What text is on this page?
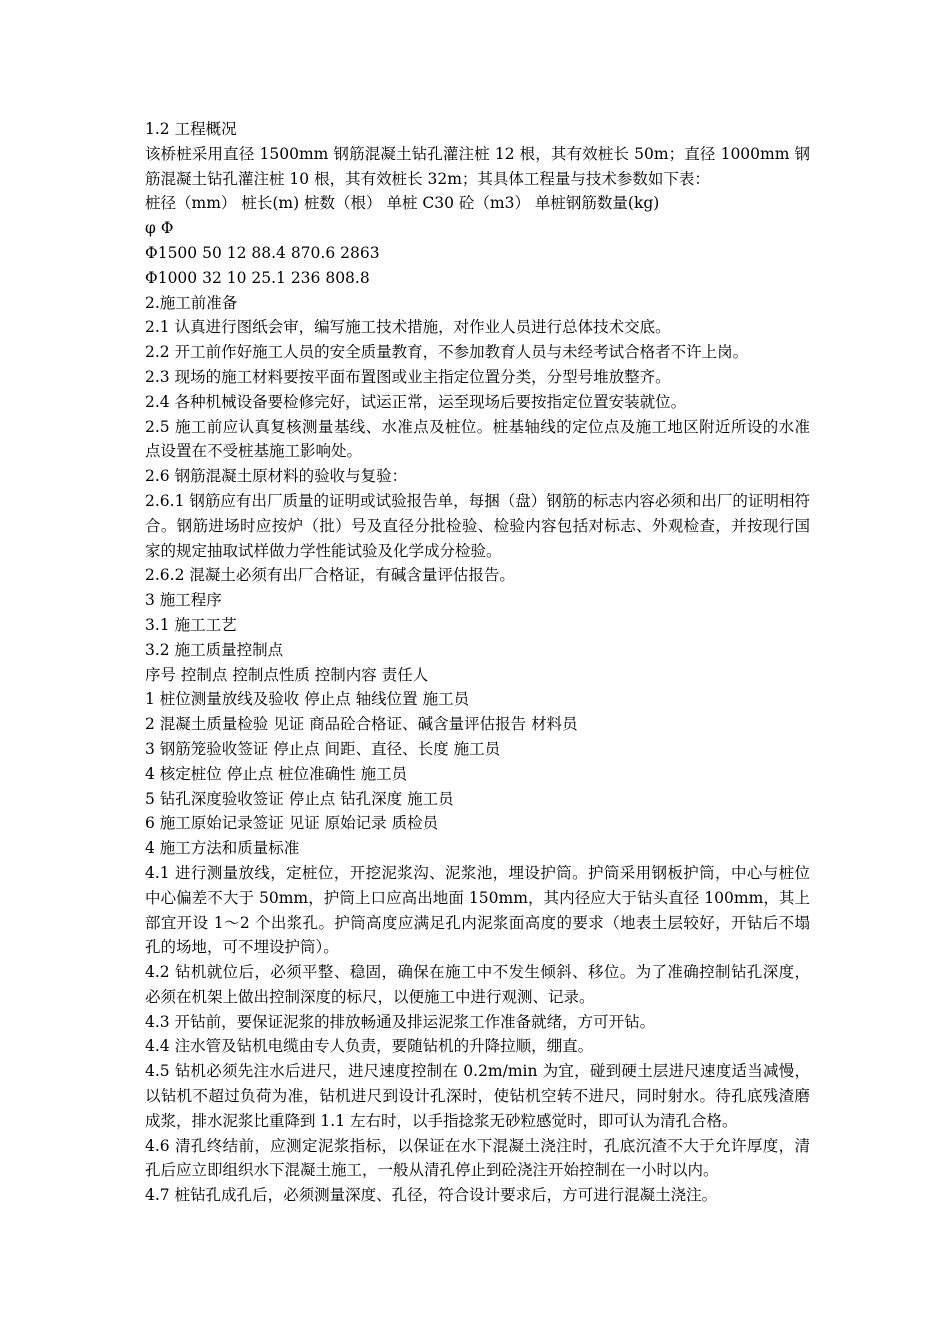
1.2 工程概况

该桥桩采用直径 1500mm 钢筋混凝土钻孔灌注桩 12 根，其有效桩长 50m；直径 1000mm 钢筋混凝土钻孔灌注桩 10 根，其有效桩长 32m；其具体工程量与技术参数如下表：

桩径（mm） 桩长(m) 桩数（根） 单桩 C30 砼（m3） 单桩钢筋数量(kg)

φ Φ

Φ1500 50 12 88.4 870.6 2863

Φ1000 32 10 25.1 236 808.8

2.施工前准备

2.1 认真进行图纸会审，编写施工技术措施，对作业人员进行总体技术交底。

2.2 开工前作好施工人员的安全质量教育，不参加教育人员与未经考试合格者不许上岗。

2.3 现场的施工材料要按平面布置图或业主指定位置分类，分型号堆放整齐。

2.4 各种机械设备要检修完好，试运正常，运至现场后要按指定位置安装就位。

2.5 施工前应认真复核测量基线、水准点及桩位。桩基轴线的定位点及施工地区附近所设的水准点设置在不受桩基施工影响处。

2.6 钢筋混凝土原材料的验收与复验：

2.6.1 钢筋应有出厂质量的证明或试验报告单，每捆（盘）钢筋的标志内容必须和出厂的证明相符合。钢筋进场时应按炉（批）号及直径分批检验、检验内容包括对标志、外观检查，并按现行国家的规定抽取试样做力学性能试验及化学成分检验。

2.6.2 混凝土必须有出厂合格证，有碱含量评估报告。

3 施工程序

3.1 施工工艺

3.2 施工质量控制点

序号 控制点 控制点性质 控制内容 责任人

1 桩位测量放线及验收 停止点 轴线位置 施工员

2 混凝土质量检验 见证 商品砼合格证、碱含量评估报告 材料员

3 钢筋笼验收签证 停止点 间距、直径、长度 施工员

4 核定桩位 停止点 桩位准确性 施工员

5 钻孔深度验收签证 停止点 钻孔深度 施工员

6 施工原始记录签证 见证 原始记录 质检员

4 施工方法和质量标准

4.1 进行测量放线，定桩位，开挖泥浆沟、泥浆池，埋设护筒。护筒采用钢板护筒，中心与桩位中心偏差不大于 50mm，护筒上口应高出地面 150mm，其内径应大于钻头直径 100mm，其上部宜开设 1～2 个出浆孔。护筒高度应满足孔内泥浆面高度的要求（地表土层较好，开钻后不塌孔的场地，可不埋设护筒）。

4.2 钻机就位后，必须平整、稳固，确保在施工中不发生倾斜、移位。为了准确控制钻孔深度，必须在机架上做出控制深度的标尺，以便施工中进行观测、记录。

4.3 开钻前，要保证泥浆的排放畅通及排运泥浆工作准备就绪，方可开钻。

4.4 注水管及钻机电缆由专人负责，要随钻机的升降拉顺，绷直。

4.5 钻机必须先注水后进尺，进尺速度控制在 0.2m/min 为宜，碰到硬土层进尺速度适当减慢，以钻机不超过负荷为准，钻机进尺到设计孔深时，使钻机空转不进尺，同时射水。待孔底残渣磨成浆，排水泥浆比重降到 1.1 左右时，以手指捻浆无砂粒感觉时，即可认为清孔合格。

4.6 清孔终结前，应测定泥浆指标，以保证在水下混凝土浇注时，孔底沉渣不大于允许厚度，清孔后应立即组织水下混凝土施工，一般从清孔停止到砼浇注开始控制在一小时以内。

4.7 桩钻孔成孔后，必须测量深度、孔径，符合设计要求后，方可进行混凝土浇注。
